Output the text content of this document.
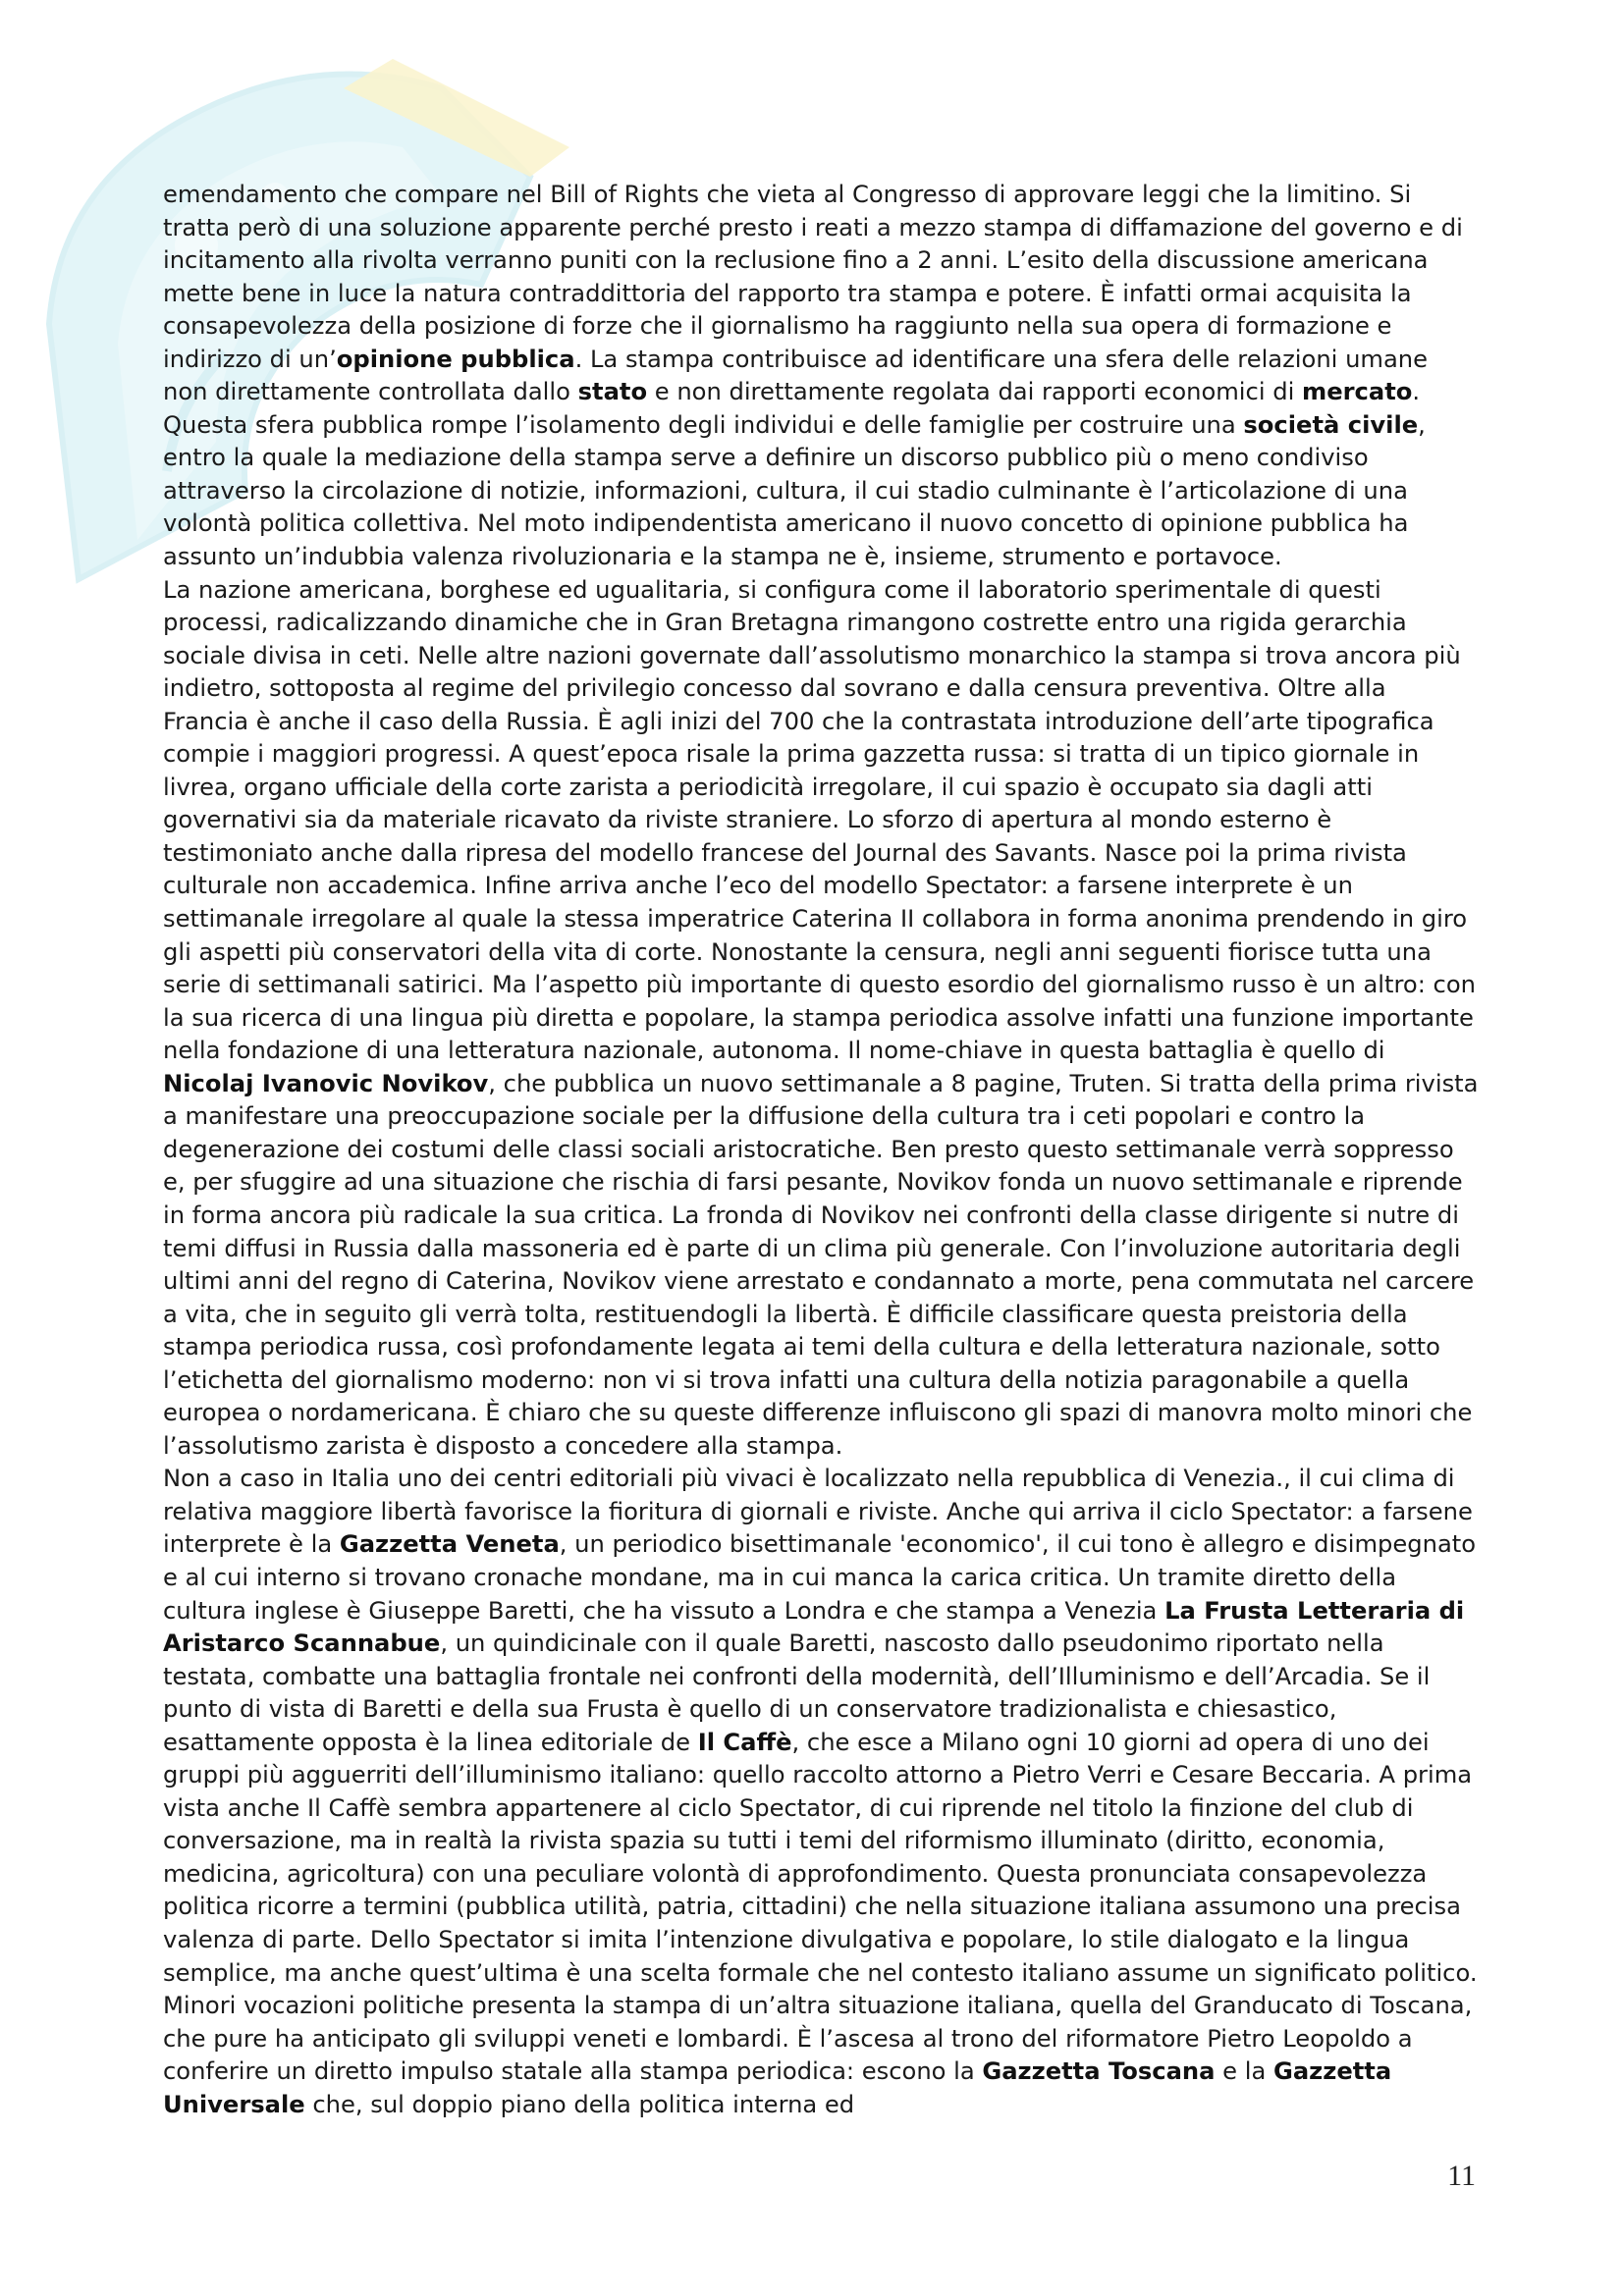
emendamento che compare nel Bill of Rights che vieta al Congresso di approvare leggi che la limitino. Si tratta però di una soluzione apparente perché presto i reati a mezzo stampa di diffamazione del governo e di incitamento alla rivolta verranno puniti con la reclusione fino a 2 anni. L’esito della discussione americana mette bene in luce la natura contraddittoria del rapporto tra stampa e potere. È infatti ormai acquisita la consapevolezza della posizione di forze che il giornalismo ha raggiunto nella sua opera di formazione e indirizzo di un’opinione pubblica. La stampa contribuisce ad identificare una sfera delle relazioni umane non direttamente controllata dallo stato e non direttamente regolata dai rapporti economici di mercato. Questa sfera pubblica rompe l’isolamento degli individui e delle famiglie per costruire una società civile, entro la quale la mediazione della stampa serve a definire un discorso pubblico più o meno condiviso attraverso la circolazione di notizie, informazioni, cultura, il cui stadio culminante è l’articolazione di una volontà politica collettiva. Nel moto indipendentista americano il nuovo concetto di opinione pubblica ha assunto un’indubbia valenza rivoluzionaria e la stampa ne è, insieme, strumento e portavoce.

La nazione americana, borghese ed ugualitaria, si configura come il laboratorio sperimentale di questi processi, radicalizzando dinamiche che in Gran Bretagna rimangono costrette entro una rigida gerarchia sociale divisa in ceti. Nelle altre nazioni governate dall’assolutismo monarchico la stampa si trova ancora più indietro, sottoposta al regime del privilegio concesso dal sovrano e dalla censura preventiva. Oltre alla Francia è anche il caso della Russia. È agli inizi del 700 che la contrastata introduzione dell’arte tipografica compie i maggiori progressi. A quest’epoca risale la prima gazzetta russa: si tratta di un tipico giornale in livrea, organo ufficiale della corte zarista a periodicità irregolare, il cui spazio è occupato sia dagli atti governativi sia da materiale ricavato da riviste straniere. Lo sforzo di apertura al mondo esterno è testimoniato anche dalla ripresa del modello francese del Journal des Savants. Nasce poi la prima rivista culturale non accademica. Infine arriva anche l’eco del modello Spectator: a farsene interprete è un settimanale irregolare al quale la stessa imperatrice Caterina II collabora in forma anonima prendendo in giro gli aspetti più conservatori della vita di corte. Nonostante la censura, negli anni seguenti fiorisce tutta una serie di settimanali satirici. Ma l’aspetto più importante di questo esordio del giornalismo russo è un altro: con la sua ricerca di una lingua più diretta e popolare, la stampa periodica assolve infatti una funzione importante nella fondazione di una letteratura nazionale, autonoma. Il nome-chiave in questa battaglia è quello di Nicolaj Ivanovic Novikov, che pubblica un nuovo settimanale a 8 pagine, Truten. Si tratta della prima rivista a manifestare una preoccupazione sociale per la diffusione della cultura tra i ceti popolari e contro la degenerazione dei costumi delle classi sociali aristocratiche. Ben presto questo settimanale verrà soppresso e, per sfuggire ad una situazione che rischia di farsi pesante, Novikov fonda un nuovo settimanale e riprende in forma ancora più radicale la sua critica. La fronda di Novikov nei confronti della classe dirigente si nutre di temi diffusi in Russia dalla massoneria ed è parte di un clima più generale. Con l’involuzione autoritaria degli ultimi anni del regno di Caterina, Novikov viene arrestato e condannato a morte, pena commutata nel carcere a vita, che in seguito gli verrà tolta, restituendogli la libertà. È difficile classificare questa preistoria della stampa periodica russa, così profondamente legata ai temi della cultura e della letteratura nazionale, sotto l’etichetta del giornalismo moderno: non vi si trova infatti una cultura della notizia paragonabile a quella europea o nordamericana. È chiaro che su queste differenze influiscono gli spazi di manovra molto minori che l’assolutismo zarista è disposto a concedere alla stampa.

Non a caso in Italia uno dei centri editoriali più vivaci è localizzato nella repubblica di Venezia., il cui clima di relativa maggiore libertà favorisce la fioritura di giornali e riviste. Anche qui arriva il ciclo Spectator: a farsene interprete è la Gazzetta Veneta, un periodico bisettimanale 'economico', il cui tono è allegro e disimpegnato e al cui interno si trovano cronache mondane, ma in cui manca la carica critica. Un tramite diretto della cultura inglese è Giuseppe Baretti, che ha vissuto a Londra e che stampa a Venezia La Frusta Letteraria di Aristarco Scannabue, un quindicinale con il quale Baretti, nascosto dallo pseudonimo riportato nella testata, combatte una battaglia frontale nei confronti della modernità, dell’Illuminismo e dell’Arcadia. Se il punto di vista di Baretti e della sua Frusta è quello di un conservatore tradizionalista e chiesastico, esattamente opposta è la linea editoriale de Il Caffè, che esce a Milano ogni 10 giorni ad opera di uno dei gruppi più agguerriti dell’illuminismo italiano: quello raccolto attorno a Pietro Verri e Cesare Beccaria. A prima vista anche Il Caffè sembra appartenere al ciclo Spectator, di cui riprende nel titolo la finzione del club di conversazione, ma in realtà la rivista spazia su tutti i temi del riformismo illuminato (diritto, economia, medicina, agricoltura) con una peculiare volontà di approfondimento. Questa pronunciata consapevolezza politica ricorre a termini (pubblica utilità, patria, cittadini) che nella situazione italiana assumono una precisa valenza di parte. Dello Spectator si imita l’intenzione divulgativa e popolare, lo stile dialogato e la lingua semplice, ma anche quest’ultima è una scelta formale che nel contesto italiano assume un significato politico. Minori vocazioni politiche presenta la stampa di un’altra situazione italiana, quella del Granducato di Toscana, che pure ha anticipato gli sviluppi veneti e lombardi. È l’ascesa al trono del riformatore Pietro Leopoldo a conferire un diretto impulso statale alla stampa periodica: escono la Gazzetta Toscana e la Gazzetta Universale che, sul doppio piano della politica interna ed

11
